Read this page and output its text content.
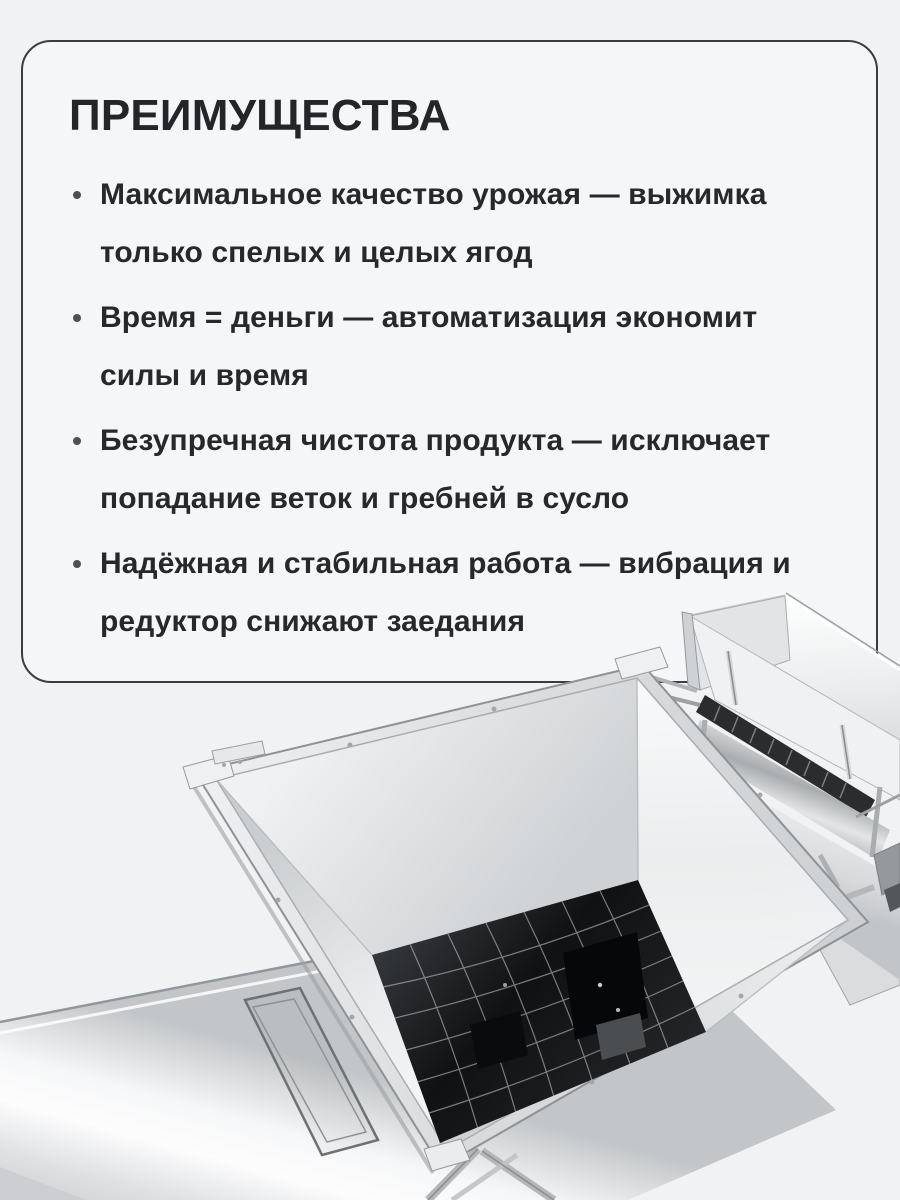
ПРЕИМУЩЕСТВА
Максимальное качество урожая — выжимка только спелых и целых ягод
Время = деньги — автоматизация экономит силы и время
Безупречная чистота продукта — исключает попадание веток и гребней в сусло
Надёжная и стабильная работа — вибрация и редуктор снижают заедания
